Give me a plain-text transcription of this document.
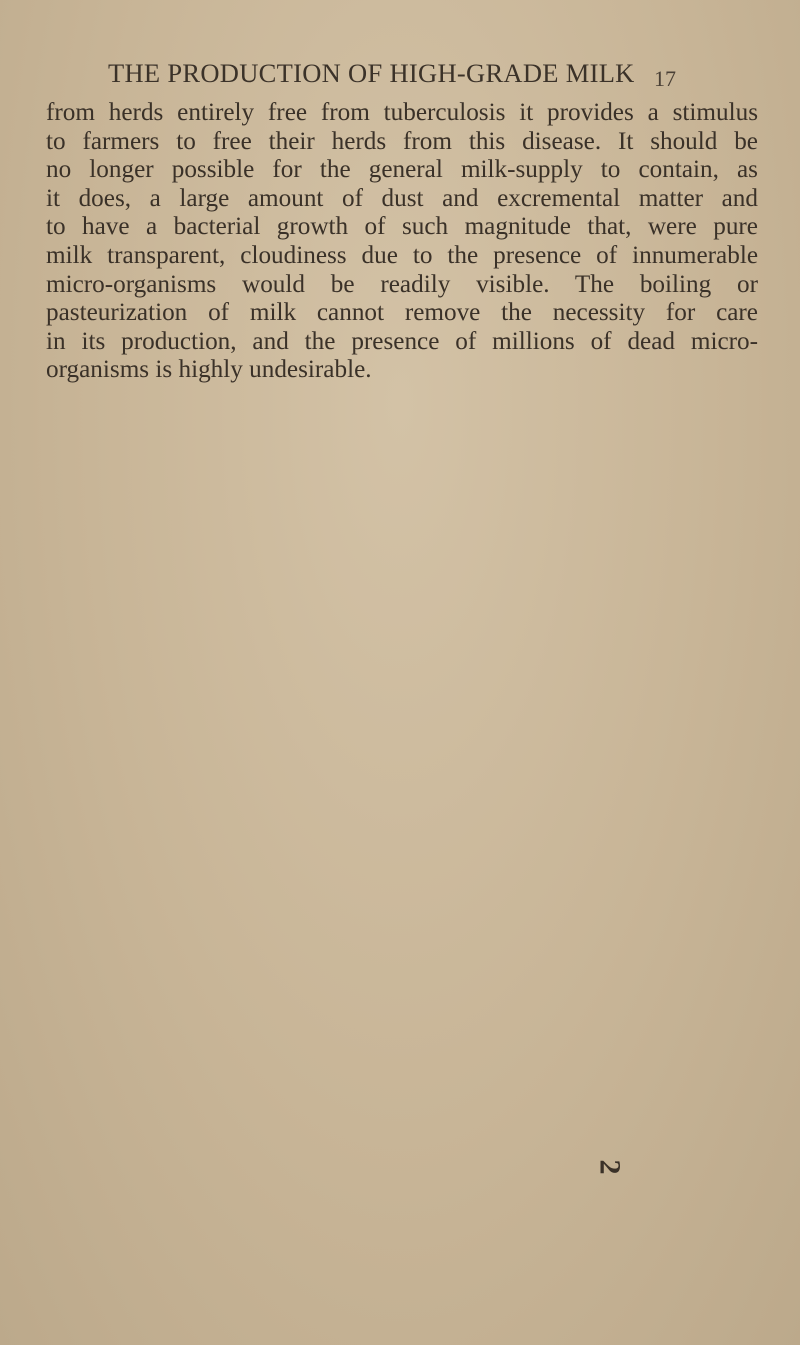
THE PRODUCTION OF HIGH-GRADE MILK 17
from herds entirely free from tuberculosis it provides a stimulus
to farmers to free their herds from this disease. It should be
no longer possible for the general milk-supply to contain, as
it does, a large amount of dust and excremental matter and
to have a bacterial growth of such magnitude that, were pure
milk transparent, cloudiness due to the presence of innumerable
micro-organisms would be readily visible. The boiling or
pasteurization of milk cannot remove the necessity for care
in its production, and the presence of millions of dead micro-
organisms is highly undesirable.
2
